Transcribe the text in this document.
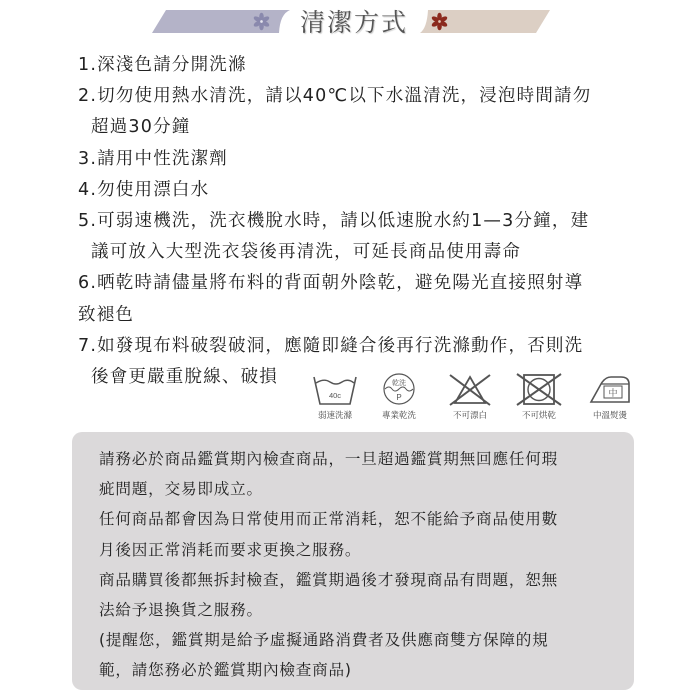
清潔方式
1.深淺色請分開洗滌
2.切勿使用熱水清洗，請以40℃以下水溫清洗，浸泡時間請勿
超過30分鐘
3.請用中性洗潔劑
4.勿使用漂白水
5.可弱速機洗，洗衣機脫水時，請以低速脫水約1—3分鐘，建
議可放入大型洗衣袋後再清洗，可延長商品使用壽命
6.晒乾時請儘量將布料的背面朝外陰乾，避免陽光直接照射導
致褪色
7.如發現布料破裂破洞，應隨即縫合後再行洗滌動作，否則洗
後會更嚴重脫線、破損
40c
弱速洗滌
乾洗
P
專業乾洗	不可漂白	不可烘乾
中
中溫熨燙
請務必於商品鑑賞期內檢查商品，一旦超過鑑賞期無回應任何瑕
疵問題，交易即成立。
任何商品都會因為日常使用而正常消耗，恕不能給予商品使用數
月後因正常消耗而要求更換之服務。
商品購買後都無拆封檢查，鑑賞期過後才發現商品有問題，恕無
法給予退換貨之服務。
(提醒您，鑑賞期是給予虛擬通路消費者及供應商雙方保障的規
範，請您務必於鑑賞期內檢查商品)
